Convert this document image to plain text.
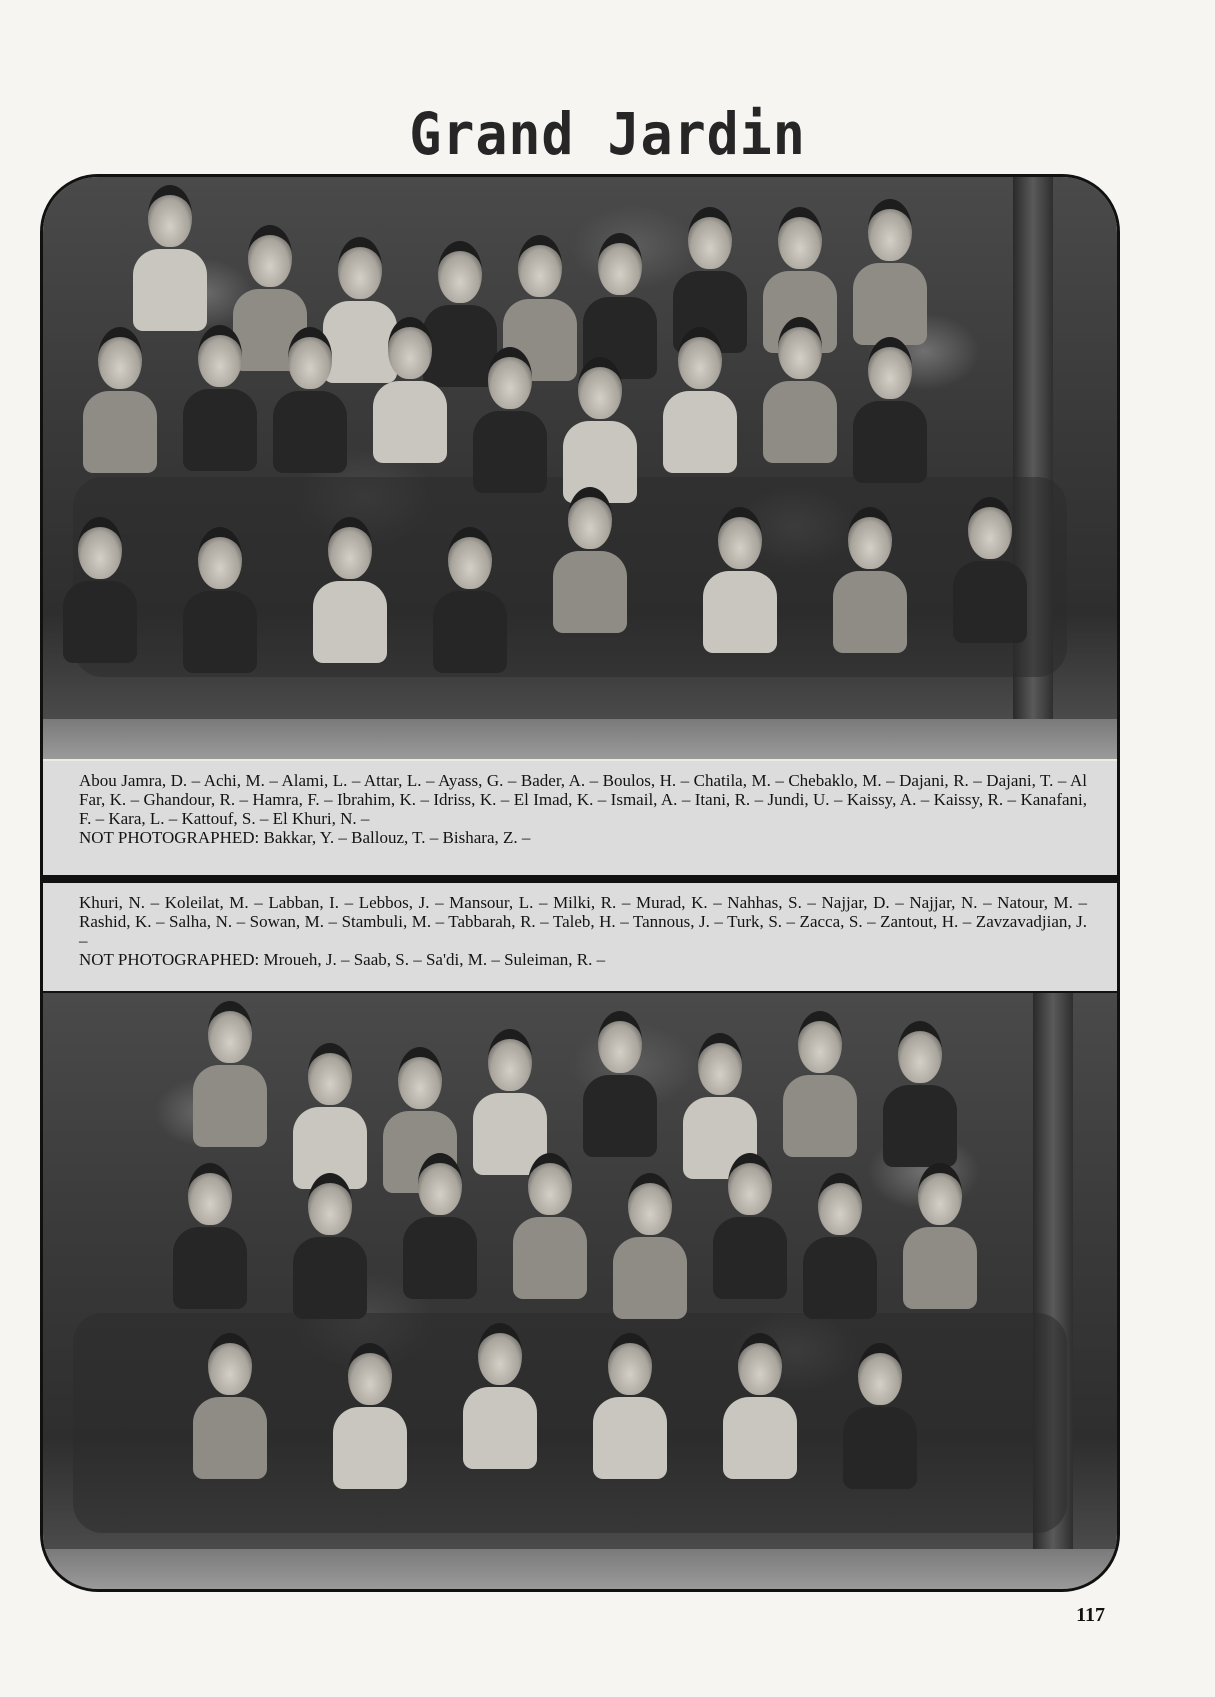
Grand Jardin
Abou Jamra, D. – Achi, M. – Alami, L. – Attar, L. – Ayass, G. – Bader, A. – Boulos, H. – Chatila, M. – Chebaklo, M. – Dajani, R. – Dajani, T. – Al Far, K. – Ghandour, R. – Hamra, F. – Ibrahim, K. – Idriss, K. – El Imad, K. – Ismail, A. – Itani, R. – Jundi, U. – Kaissy, A. – Kaissy, R. – Kanafani, F. – Kara, L. – Kattouf, S. – El Khuri, N. –
NOT PHOTOGRAPHED: Bakkar, Y. – Ballouz, T. – Bishara, Z. –
Khuri, N. – Koleilat, M. – Labban, I. – Lebbos, J. – Mansour, L. – Milki, R. – Murad, K. – Nahhas, S. – Najjar, D. – Najjar, N. – Natour, M. – Rashid, K. – Salha, N. – Sowan, M. – Stambuli, M. – Tabbarah, R. – Taleb, H. – Tannous, J. – Turk, S. – Zacca, S. – Zantout, H. – Zavzavadjian, J. –
NOT PHOTOGRAPHED: Mroueh, J. – Saab, S. – Sa'di, M. – Suleiman, R. –
117
